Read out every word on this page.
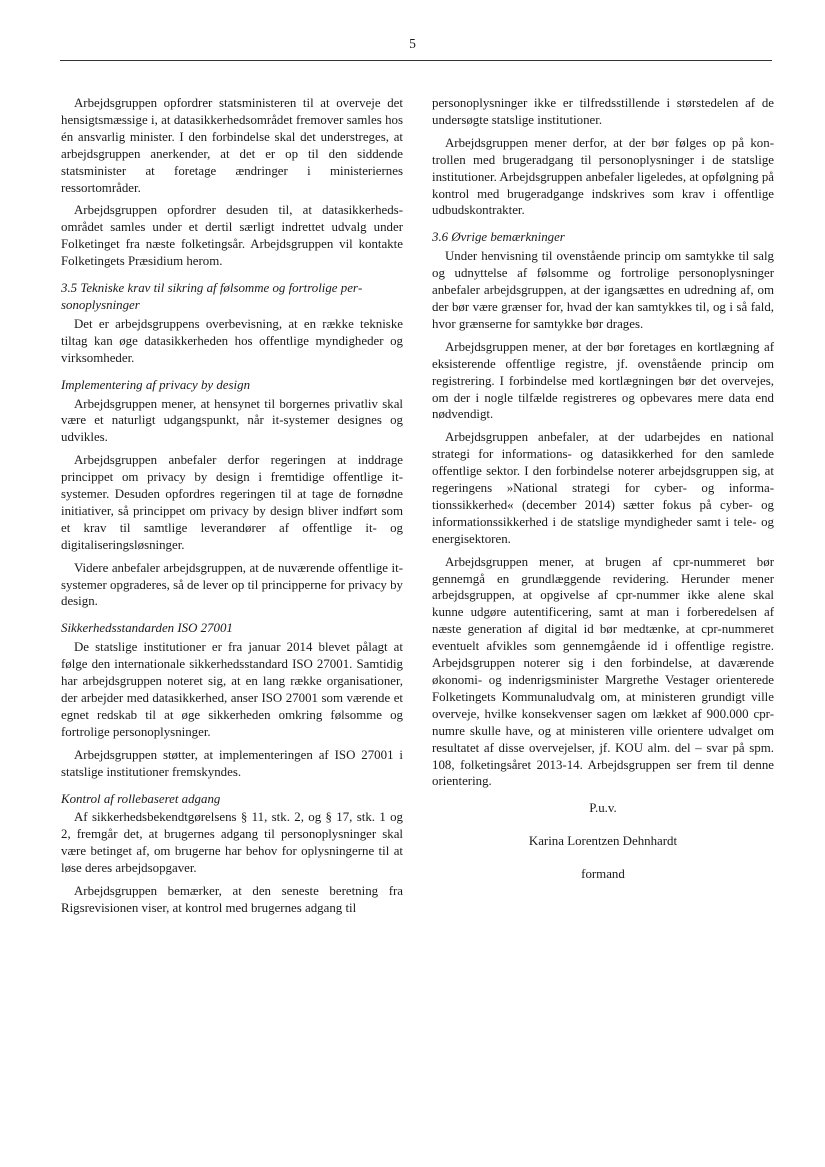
5

Arbejdsgruppen opfordrer statsministeren til at overveje det hensigtsmæssige i, at datasikkerhedsområdet fremover samles hos én ansvarlig minister. I den forbindelse skal det understreges, at arbejdsgruppen anerkender, at det er op til den siddende statsminister at foretage ændringer i ministeriernes ressortområder.

Arbejdsgruppen opfordrer desuden til, at datasikkerhedsområdet samles under et dertil særligt indrettet udvalg under Folketinget fra næste folketingsår. Arbejdsgruppen vil kontakte Folketingets Præsidium herom.

3.5 Tekniske krav til sikring af følsomme og fortrolige personoplysninger

Det er arbejdsgruppens overbevisning, at en række tekniske tiltag kan øge datasikkerheden hos offentlige myndigheder og virksomheder.

Implementering af privacy by design

Arbejdsgruppen mener, at hensynet til borgernes privatliv skal være et naturligt udgangspunkt, når it-systemer designes og udvikles.

Arbejdsgruppen anbefaler derfor regeringen at inddrage princippet om privacy by design i fremtidige offentlige it-systemer. Desuden opfordres regeringen til at tage de fornødne initiativer, så princippet om privacy by design bliver indført som et krav til samtlige leverandører af offentlige it- og digitaliseringsløsninger.

Videre anbefaler arbejdsgruppen, at de nuværende offentlige it-systemer opgraderes, så de lever op til principperne for privacy by design.

Sikkerhedsstandarden ISO 27001

De statslige institutioner er fra januar 2014 blevet pålagt at følge den internationale sikkerhedsstandard ISO 27001. Samtidig har arbejdsgruppen noteret sig, at en lang række organisationer, der arbejder med datasikkerhed, anser ISO 27001 som værende et egnet redskab til at øge sikkerheden omkring følsomme og fortrolige personoplysninger.

Arbejdsgruppen støtter, at implementeringen af ISO 27001 i statslige institutioner fremskyndes.

Kontrol af rollebaseret adgang

Af sikkerhedsbekendtgørelsens § 11, stk. 2, og § 17, stk. 1 og 2, fremgår det, at brugernes adgang til personoplysninger skal være betinget af, om brugerne har behov for oplysningerne til at løse deres arbejdsopgaver.

Arbejdsgruppen bemærker, at den seneste beretning fra Rigsrevisionen viser, at kontrol med brugernes adgang til

personoplysninger ikke er tilfredsstillende i størstedelen af de undersøgte statslige institutioner.

Arbejdsgruppen mener derfor, at der bør følges op på kontrollen med brugeradgang til personoplysninger i de statslige institutioner. Arbejdsgruppen anbefaler ligeledes, at opfølgning på kontrol med brugeradgange indskrives som krav i offentlige udbudskontrakter.

3.6 Øvrige bemærkninger

Under henvisning til ovenstående princip om samtykke til salg og udnyttelse af følsomme og fortrolige personoplysninger anbefaler arbejdsgruppen, at der igangsættes en udredning af, om der bør være grænser for, hvad der kan samtykkes til, og i så fald, hvor grænserne for samtykke bør drages.

Arbejdsgruppen mener, at der bør foretages en kortlægning af eksisterende offentlige registre, jf. ovenstående princip om registrering. I forbindelse med kortlægningen bør det overvejes, om der i nogle tilfælde registreres og opbevares mere data end nødvendigt.

Arbejdsgruppen anbefaler, at der udarbejdes en national strategi for informations- og datasikkerhed for den samlede offentlige sektor. I den forbindelse noterer arbejdsgruppen sig, at regeringens »National strategi for cyber- og informationssikkerhed« (december 2014) sætter fokus på cyber- og informationssikkerhed i de statslige myndigheder samt i tele- og energisektoren.

Arbejdsgruppen mener, at brugen af cpr-nummeret bør gennemgå en grundlæggende revidering. Herunder mener arbejdsgruppen, at opgivelse af cpr-nummer ikke alene skal kunne udgøre autentificering, samt at man i forberedelsen af næste generation af digital id bør medtænke, at cpr-nummeret eventuelt afvikles som gennemgående id i offentlige registre. Arbejdsgruppen noterer sig i den forbindelse, at daværende økonomi- og indenrigsminister Margrethe Vestager orienterede Folketingets Kommunaludvalg om, at ministeren grundigt ville overveje, hvilke konsekvenser sagen om lækket af 900.000 cpr-numre skulle have, og at ministeren ville orientere udvalget om resultatet af disse overvejelser, jf. KOU alm. del – svar på spm. 108, folketingsåret 2013-14. Arbejdsgruppen ser frem til denne orientering.

P.u.v.
Karina Lorentzen Dehnhardt
formand
